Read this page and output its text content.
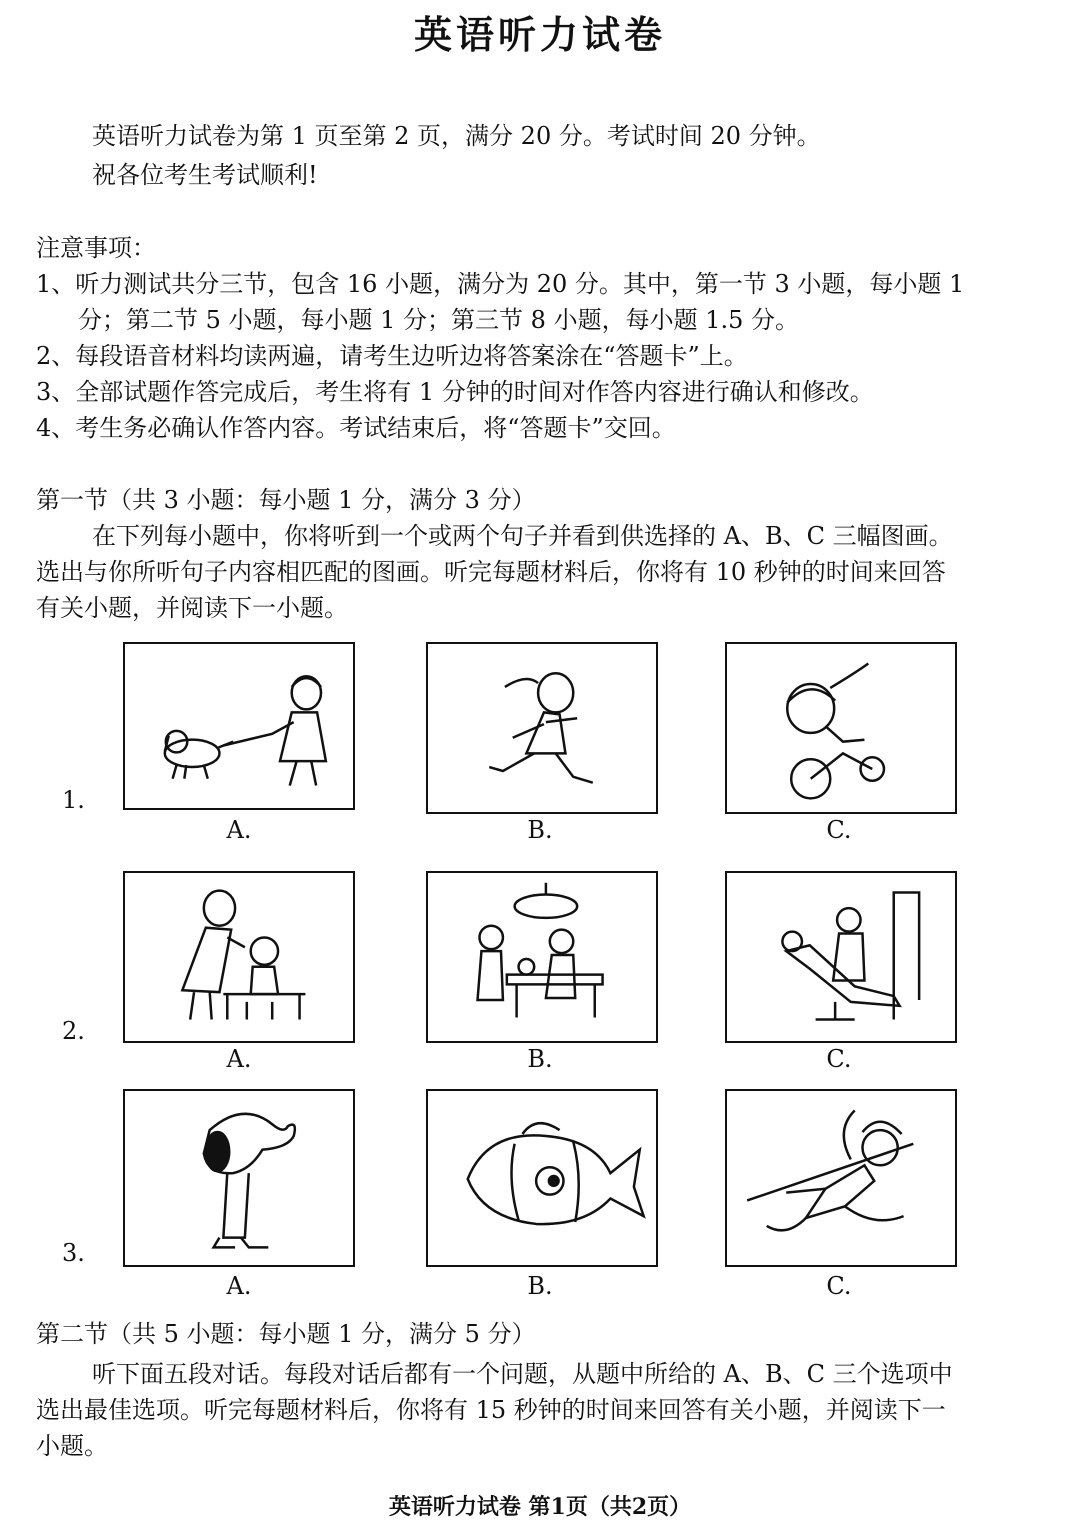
英语听力试卷
英语听力试卷为第 1 页至第 2 页，满分 20 分。考试时间 20 分钟。
祝各位考生考试顺利!
注意事项：
1、听力测试共分三节，包含 16 小题，满分为 20 分。其中，第一节 3 小题，每小题 1
分；第二节 5 小题，每小题 1 分；第三节 8 小题，每小题 1.5 分。
2、每段语音材料均读两遍，请考生边听边将答案涂在“答题卡”上。
3、全部试题作答完成后，考生将有 1 分钟的时间对作答内容进行确认和修改。
4、考生务必确认作答内容。考试结束后，将“答题卡”交回。
第一节（共 3 小题：每小题 1 分，满分 3 分）
在下列每小题中，你将听到一个或两个句子并看到供选择的 A、B、C 三幅图画。
选出与你所听句子内容相匹配的图画。听完每题材料后，你将有 10 秒钟的时间来回答
有关小题，并阅读下一小题。
1.
A.	B.	C.
2.
A.	B.	C.
3.
A.	B.	C.
第二节（共 5 小题：每小题 1 分，满分 5 分）
听下面五段对话。每段对话后都有一个问题，从题中所给的 A、B、C 三个选项中
选出最佳选项。听完每题材料后，你将有 15 秒钟的时间来回答有关小题，并阅读下一
小题。
英语听力试卷 第1页（共2页）
